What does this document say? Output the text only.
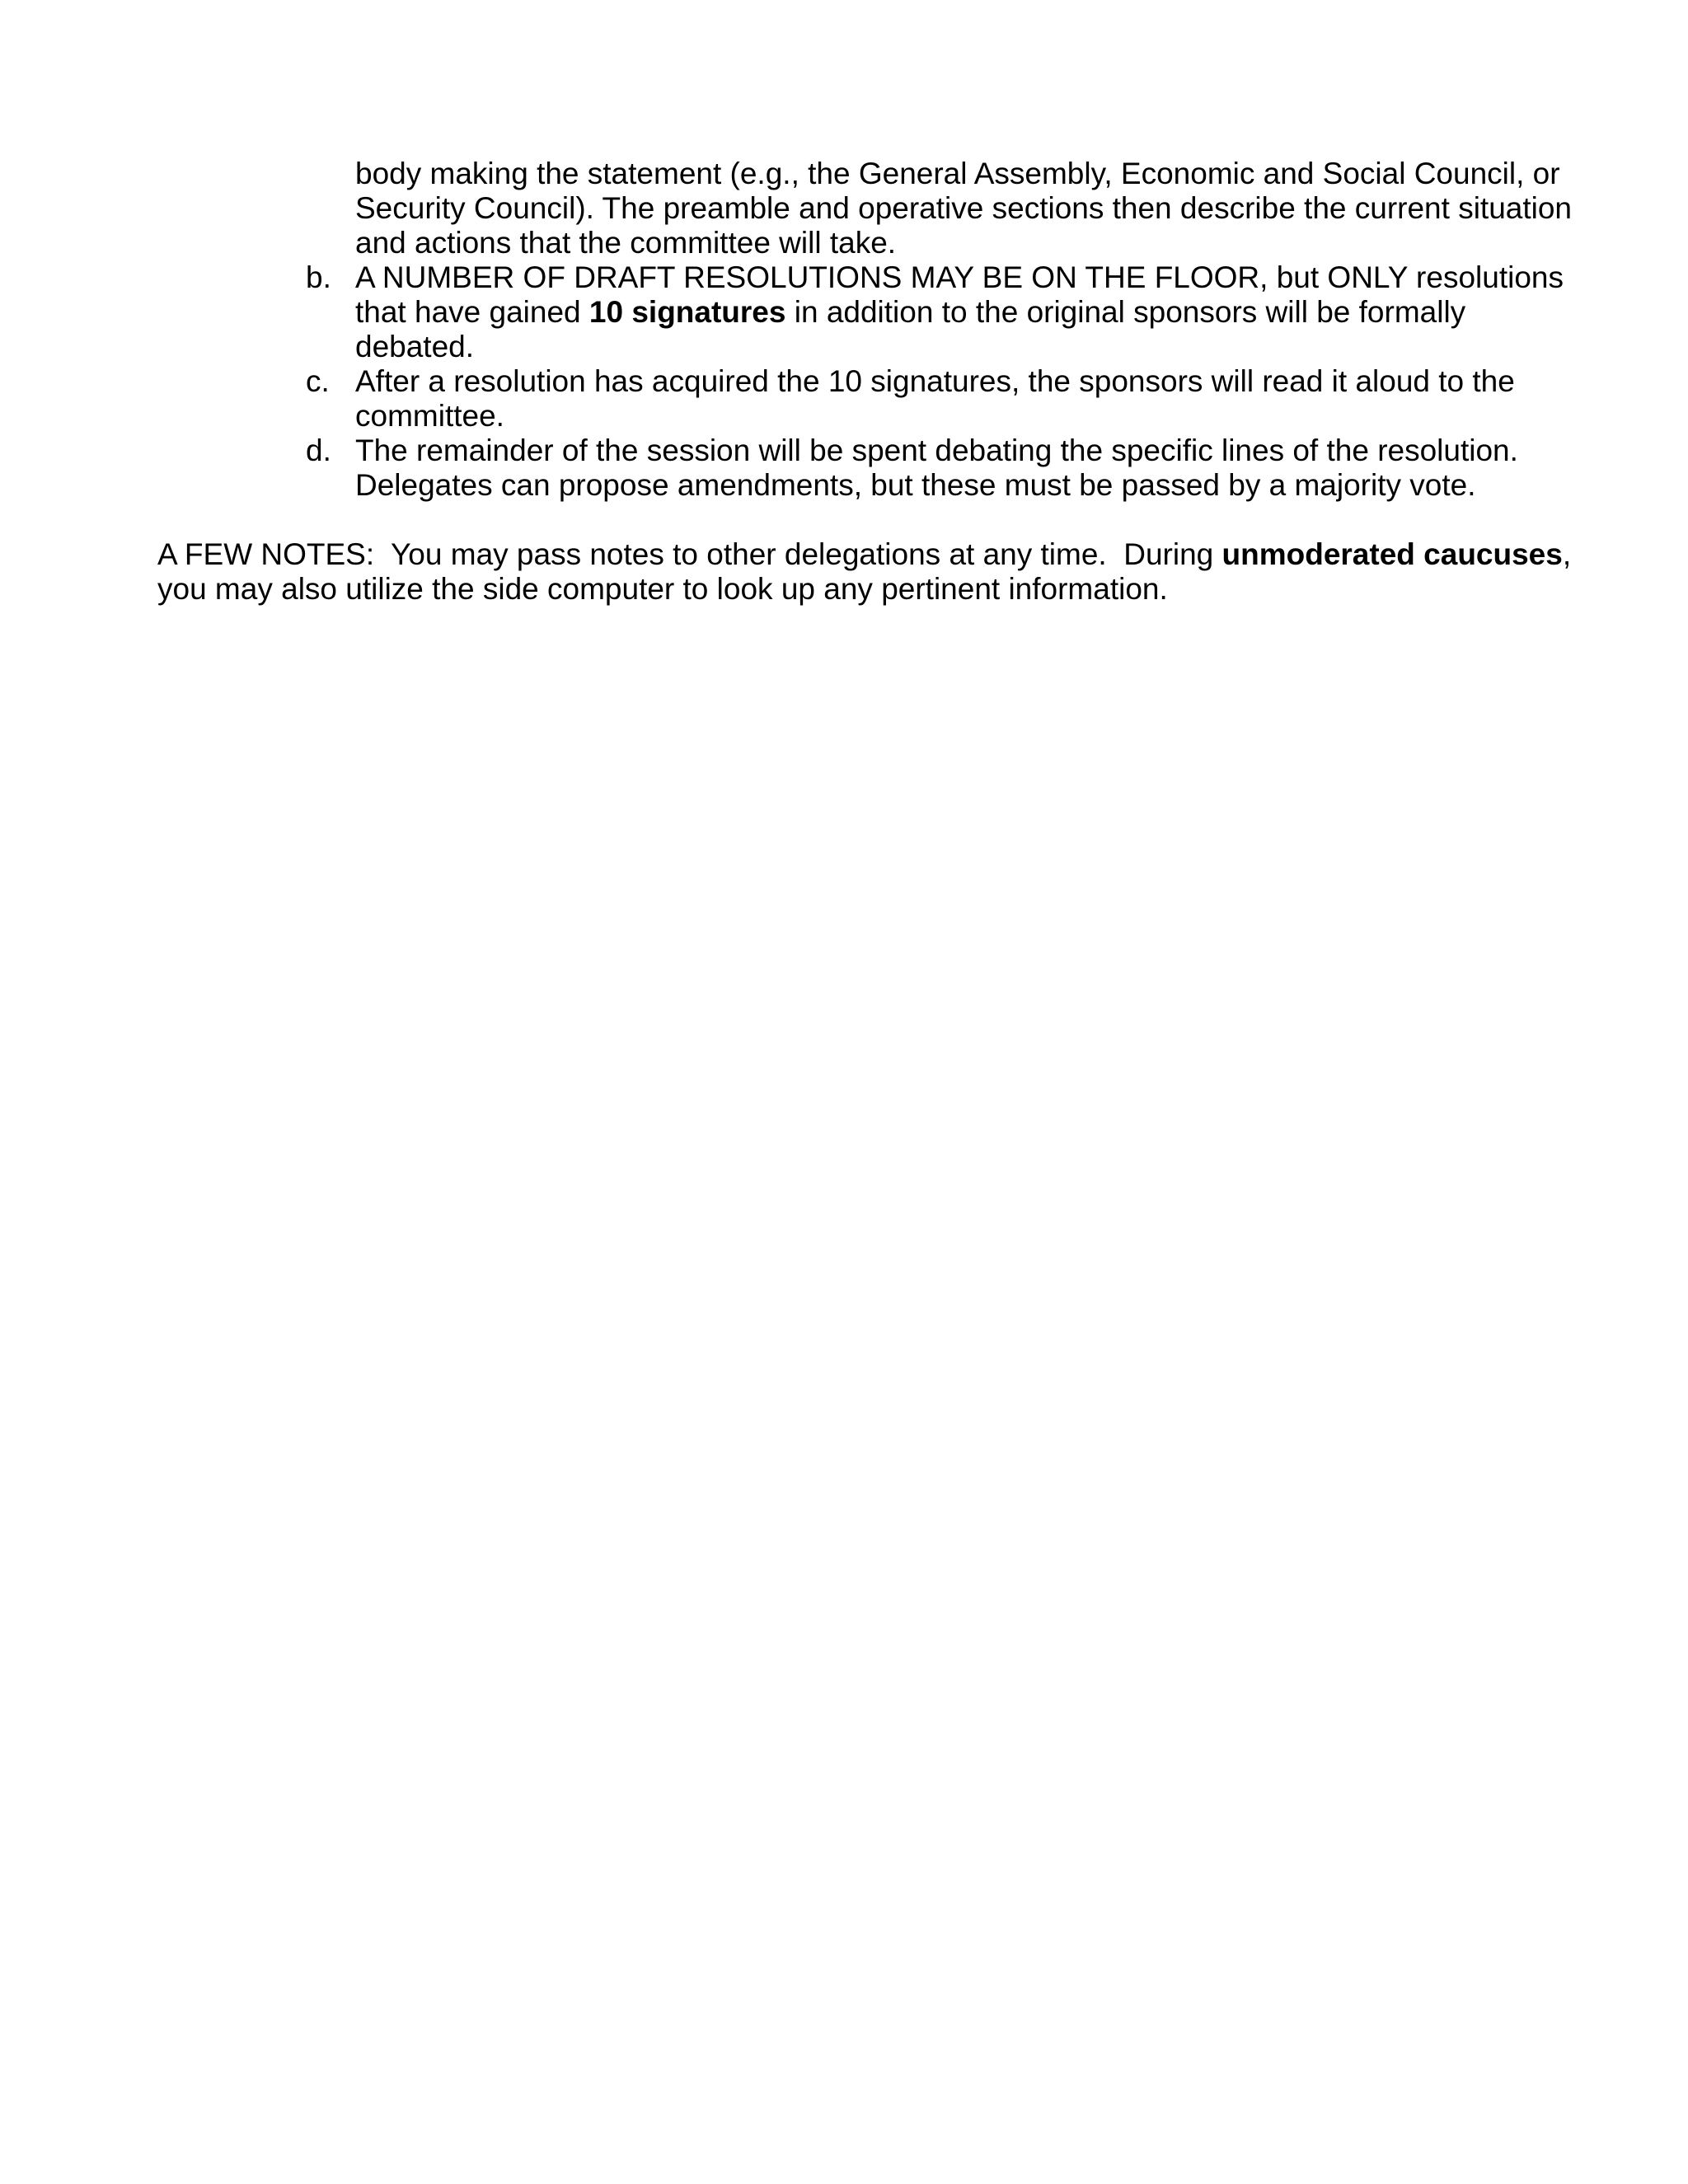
body making the statement (e.g., the General Assembly, Economic and Social Council, or Security Council). The preamble and operative sections then describe the current situation and actions that the committee will take.

b. A NUMBER OF DRAFT RESOLUTIONS MAY BE ON THE FLOOR, but ONLY resolutions that have gained 10 signatures in addition to the original sponsors will be formally debated.
c. After a resolution has acquired the 10 signatures, the sponsors will read it aloud to the committee.
d. The remainder of the session will be spent debating the specific lines of the resolution. Delegates can propose amendments, but these must be passed by a majority vote.

A FEW NOTES:  You may pass notes to other delegations at any time.  During unmoderated caucuses, you may also utilize the side computer to look up any pertinent information.
